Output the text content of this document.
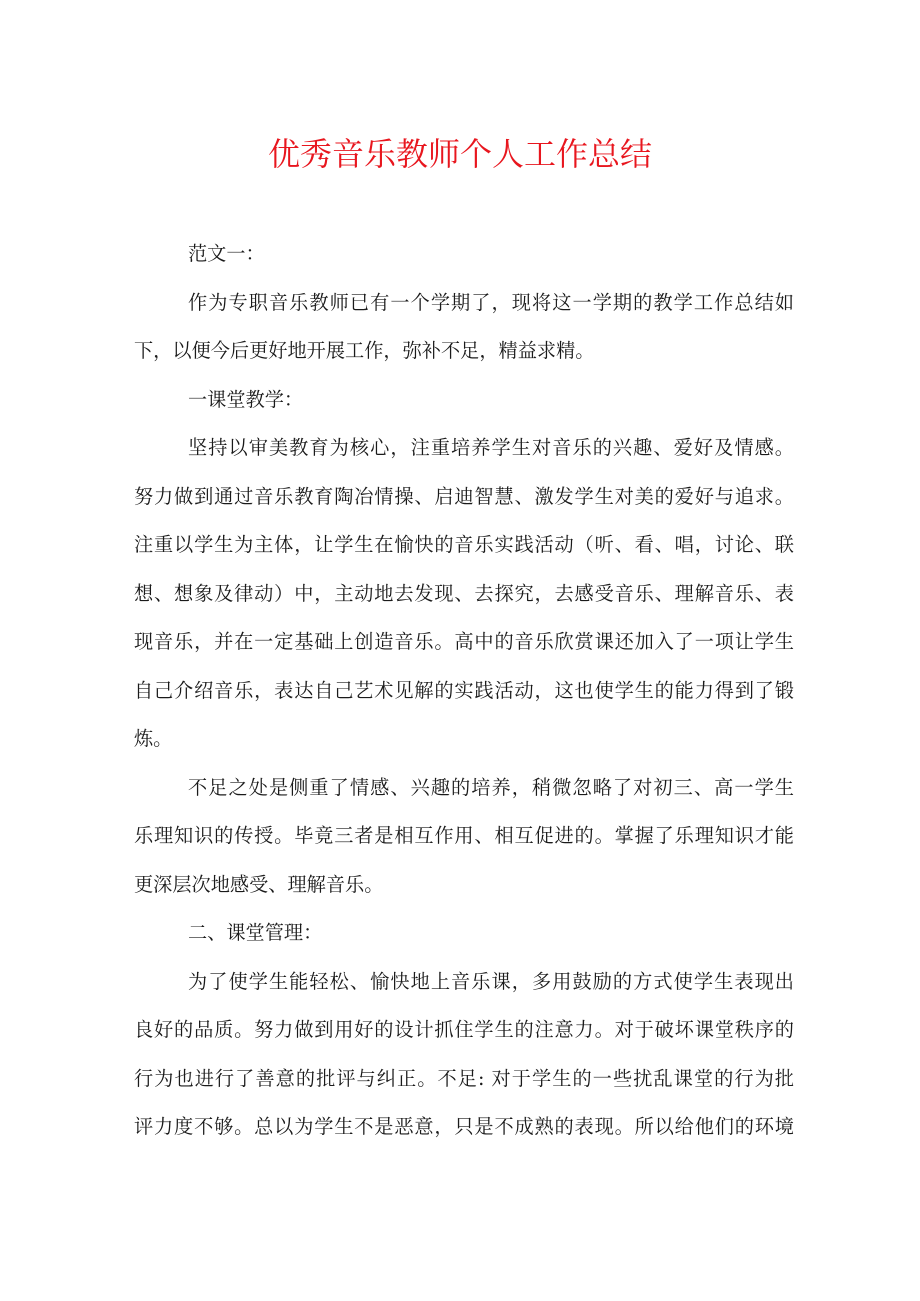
优秀音乐教师个人工作总结
范文一：
作为专职音乐教师已有一个学期了，现将这一学期的教学工作总结如
下，以便今后更好地开展工作，弥补不足，精益求精。
一课堂教学：
坚持以审美教育为核心，注重培养学生对音乐的兴趣、爱好及情感。
努力做到通过音乐教育陶冶情操、启迪智慧、激发学生对美的爱好与追求。
注重以学生为主体，让学生在愉快的音乐实践活动（听、看、唱，讨论、联
想、想象及律动）中，主动地去发现、去探究，去感受音乐、理解音乐、表
现音乐，并在一定基础上创造音乐。高中的音乐欣赏课还加入了一项让学生
自己介绍音乐，表达自己艺术见解的实践活动，这也使学生的能力得到了锻
炼。
不足之处是侧重了情感、兴趣的培养，稍微忽略了对初三、高一学生
乐理知识的传授。毕竟三者是相互作用、相互促进的。掌握了乐理知识才能
更深层次地感受、理解音乐。
二、课堂管理：
为了使学生能轻松、愉快地上音乐课，多用鼓励的方式使学生表现出
良好的品质。努力做到用好的设计抓住学生的注意力。对于破坏课堂秩序的
行为也进行了善意的批评与纠正。不足: 对于学生的一些扰乱课堂的行为批
评力度不够。总以为学生不是恶意，只是不成熟的表现。所以给他们的环境
